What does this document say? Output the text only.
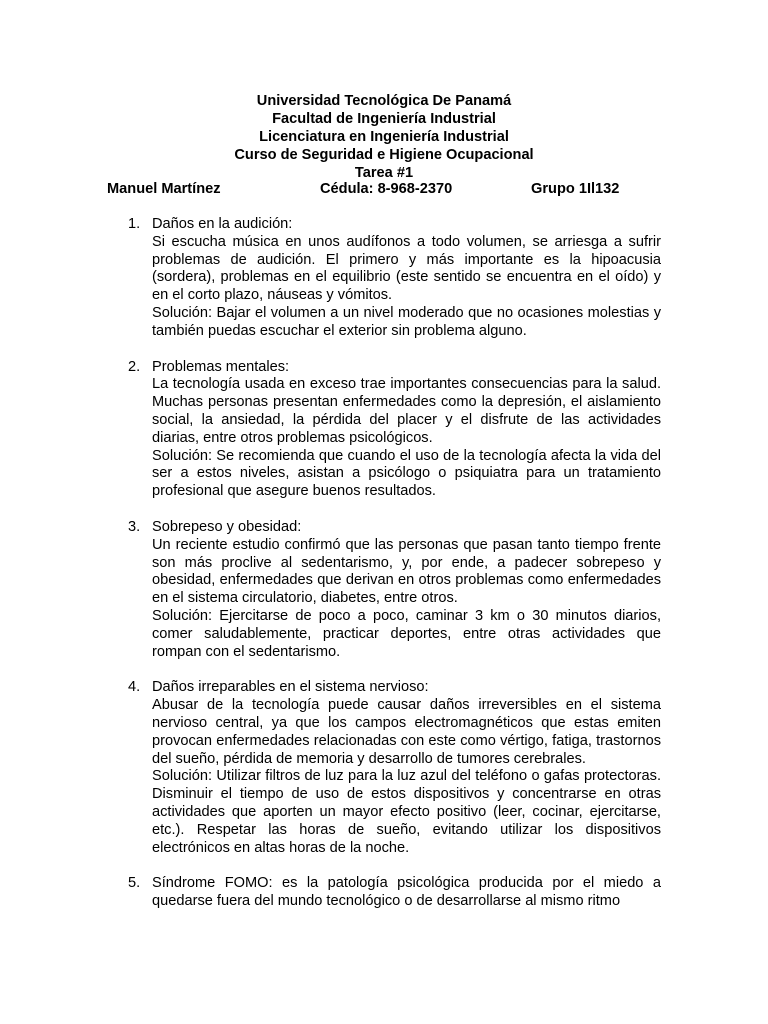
Universidad Tecnológica De Panamá
Facultad de Ingeniería Industrial
Licenciatura en Ingeniería Industrial
Curso de Seguridad e Higiene Ocupacional
Tarea #1
Manuel Martínez	Cédula: 8-968-2370	Grupo 1Il132
1. Daños en la audición:

Si escucha música en unos audífonos a todo volumen, se arriesga a sufrir problemas de audición. El primero y más importante es la hipoacusia (sordera), problemas en el equilibrio (este sentido se encuentra en el oído) y en el corto plazo, náuseas y vómitos.

Solución: Bajar el volumen a un nivel moderado que no ocasiones molestias y también puedas escuchar el exterior sin problema alguno.

2. Problemas mentales:

La tecnología usada en exceso trae importantes consecuencias para la salud. Muchas personas presentan enfermedades como la depresión, el aislamiento social, la ansiedad, la pérdida del placer y el disfrute de las actividades diarias, entre otros problemas psicológicos.

Solución: Se recomienda que cuando el uso de la tecnología afecta la vida del ser a estos niveles, asistan a psicólogo o psiquiatra para un tratamiento profesional que asegure buenos resultados.

3. Sobrepeso y obesidad:

Un reciente estudio confirmó que las personas que pasan tanto tiempo frente son más proclive al sedentarismo, y, por ende, a padecer sobrepeso y obesidad, enfermedades que derivan en otros problemas como enfermedades en el sistema circulatorio, diabetes, entre otros.

Solución: Ejercitarse de poco a poco, caminar 3 km o 30 minutos diarios, comer saludablemente, practicar deportes, entre otras actividades que rompan con el sedentarismo.

4. Daños irreparables en el sistema nervioso:

Abusar de la tecnología puede causar daños irreversibles en el sistema nervioso central, ya que los campos electromagnéticos que estas emiten provocan enfermedades relacionadas con este como vértigo, fatiga, trastornos del sueño, pérdida de memoria y desarrollo de tumores cerebrales.

Solución: Utilizar filtros de luz para la luz azul del teléfono o gafas protectoras. Disminuir el tiempo de uso de estos dispositivos y concentrarse en otras actividades que aporten un mayor efecto positivo (leer, cocinar, ejercitarse, etc.). Respetar las horas de sueño, evitando utilizar los dispositivos electrónicos en altas horas de la noche.

5. Síndrome FOMO: es la patología psicológica producida por el miedo a quedarse fuera del mundo tecnológico o de desarrollarse al mismo ritmo
